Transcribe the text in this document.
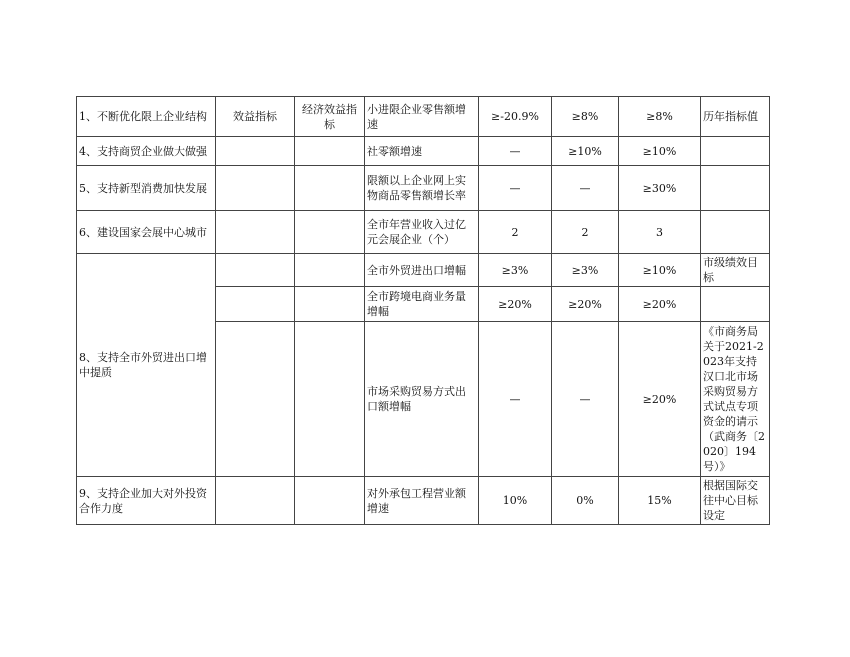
1、不断优化限上企业结构	效益指标	经济效益指标	小进限企业零售额增速	≥-20.9%	≥8%	≥8%	历年指标值
4、支持商贸企业做大做强			社零额增速	—	≥10%	≥10%	
5、支持新型消费加快发展			限额以上企业网上实物商品零售额增长率	—	—	≥30%	
6、建设国家会展中心城市			全市年营业收入过亿元会展企业（个）	2	2	3	
8、支持全市外贸进出口增中提质			全市外贸进出口增幅	≥3%	≥3%	≥10%	市级绩效目标
			全市跨境电商业务量增幅	≥20%	≥20%	≥20%	
			市场采购贸易方式出口额增幅	—	—	≥20%	《市商务局关于2021-2023年支持汉口北市场采购贸易方式试点专项资金的请示（武商务〔2020〕194号）》
9、支持企业加大对外投资合作力度			对外承包工程营业额增速	10%	0%	15%	根据国际交往中心目标设定
